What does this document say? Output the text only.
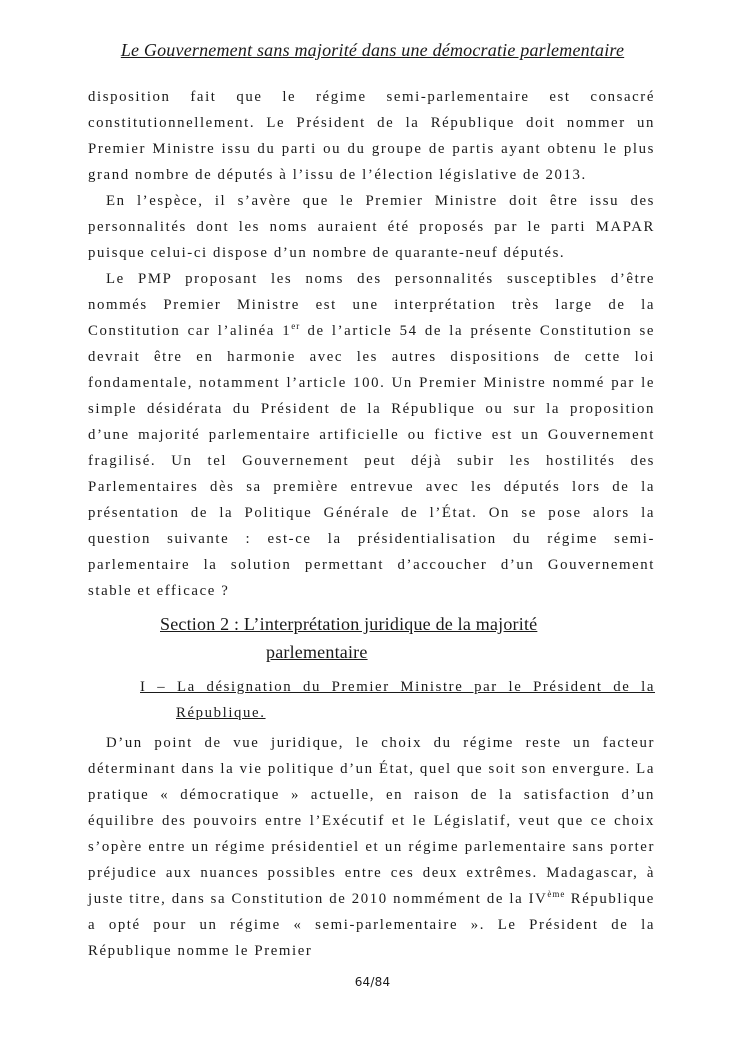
Le Gouvernement sans majorité dans une démocratie parlementaire

disposition fait que le régime semi-parlementaire est consacré constitutionnellement. Le Président de la République doit nommer un Premier Ministre issu du parti ou du groupe de partis ayant obtenu le plus grand nombre de députés à l’issu de l’élection législative de 2013.

En l’espèce, il s’avère que le Premier Ministre doit être issu des personnalités dont les noms auraient été proposés par le parti MAPAR puisque celui-ci dispose d’un nombre de quarante-neuf députés.

Le PMP proposant les noms des personnalités susceptibles d’être nommés Premier Ministre est une interprétation très large de la Constitution car l’alinéa 1er de l’article 54 de la présente Constitution se devrait être en harmonie avec les autres dispositions de cette loi fondamentale, notamment l’article 100. Un Premier Ministre nommé par le simple désidérata du Président de la République ou sur la proposition d’une majorité parlementaire artificielle ou fictive est un Gouvernement fragilisé. Un tel Gouvernement peut déjà subir les hostilités des Parlementaires dès sa première entrevue avec les députés lors de la présentation de la Politique Générale de l’État. On se pose alors la question suivante : est-ce la présidentialisation du régime semi-parlementaire la solution permettant d’accoucher d’un Gouvernement stable et efficace ?

Section 2 : L’interprétation juridique de la majorité
parlementaire
I – La désignation du Premier Ministre par le Président de la
République.

D’un point de vue juridique, le choix du régime reste un facteur déterminant dans la vie politique d’un État, quel que soit son envergure. La pratique « démocratique » actuelle, en raison de la satisfaction d’un équilibre des pouvoirs entre l’Exécutif et le Législatif, veut que ce choix s’opère entre un régime présidentiel et un régime parlementaire sans porter préjudice aux nuances possibles entre ces deux extrêmes. Madagascar, à juste titre, dans sa Constitution de 2010 nommément de la IVème République a opté pour un régime « semi-parlementaire ». Le Président de la République nomme le Premier

64/84
